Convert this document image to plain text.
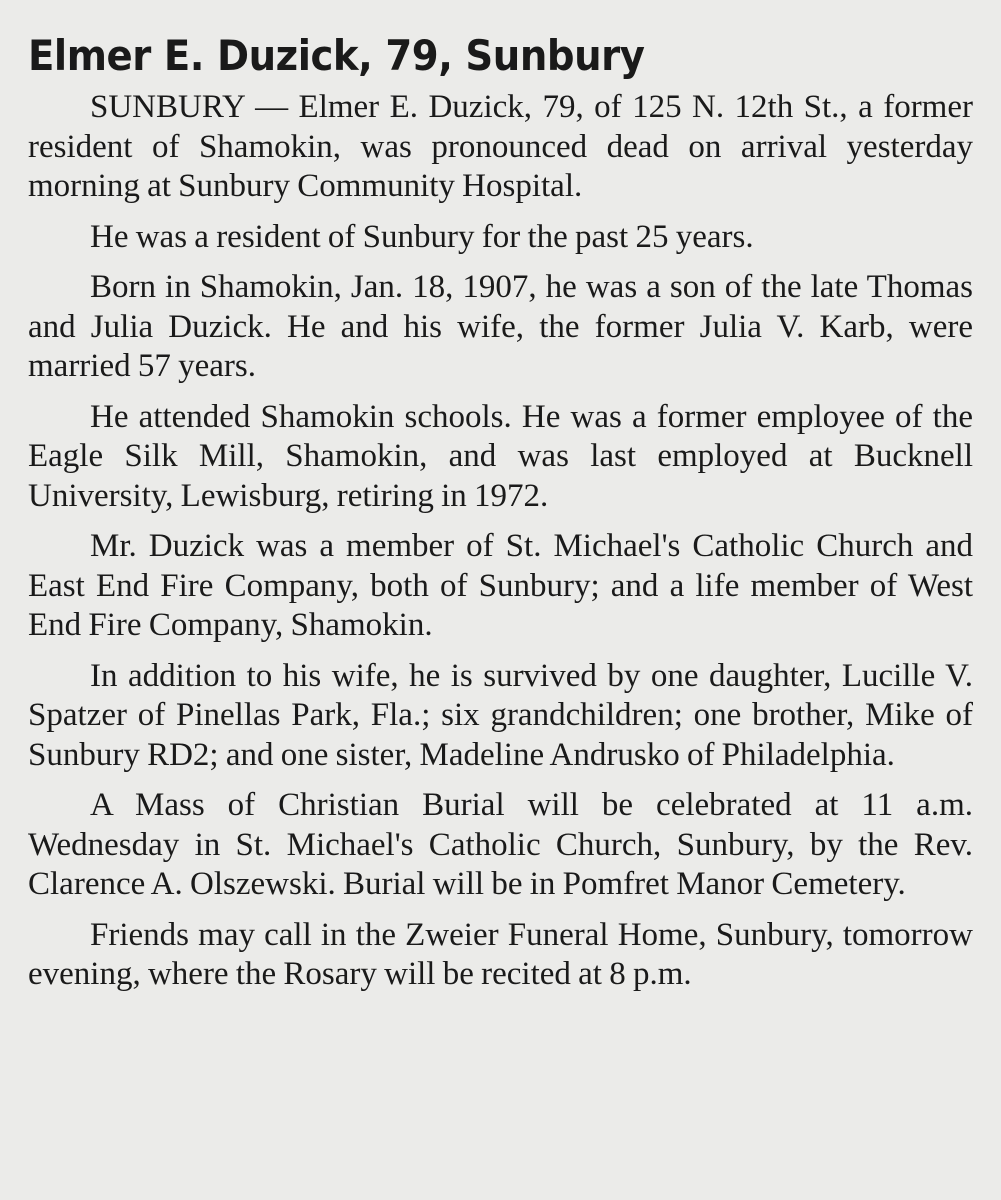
Elmer E. Duzick, 79, Sunbury

SUNBURY — Elmer E. Duzick, 79, of 125 N. 12th St., a former resident of Shamokin, was pronounced dead on arrival yesterday morning at Sunbury Community Hospital.

He was a resident of Sunbury for the past 25 years.

Born in Shamokin, Jan. 18, 1907, he was a son of the late Thomas and Julia Duzick. He and his wife, the former Julia V. Karb, were married 57 years.

He attended Shamokin schools. He was a former employee of the Eagle Silk Mill, Shamokin, and was last employed at Bucknell University, Lewisburg, retiring in 1972.

Mr. Duzick was a member of St. Michael's Catholic Church and East End Fire Company, both of Sunbury; and a life member of West End Fire Company, Shamokin.

In addition to his wife, he is survived by one daughter, Lucille V. Spatzer of Pinellas Park, Fla.; six grandchildren; one brother, Mike of Sunbury RD2; and one sister, Madeline Andrusko of Philadelphia.

A Mass of Christian Burial will be celebrated at 11 a.m. Wednesday in St. Michael's Catholic Church, Sunbury, by the Rev. Clarence A. Olszewski. Burial will be in Pomfret Manor Cemetery.

Friends may call in the Zweier Funeral Home, Sunbury, tomorrow evening, where the Rosary will be recited at 8 p.m.
